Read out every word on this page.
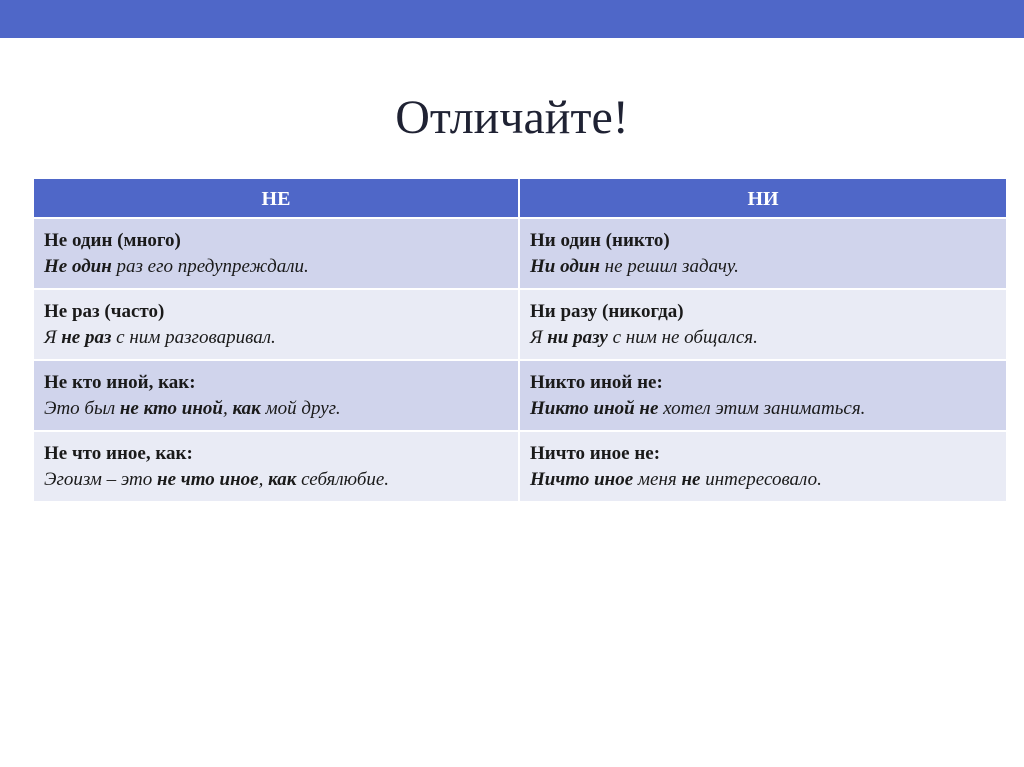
Отличайте!
НЕ	НИ
Не один (много)
Не один раз его предупреждали.
Ни один (никто)
Ни один не решил задачу.
Не раз (часто)
Я не раз с ним разговаривал.
Ни разу (никогда)
Я ни разу с ним не общался.
Не кто иной, как:
Это был не кто иной, как мой друг.
Никто иной не:
Никто иной не хотел этим заниматься.
Не что иное, как:
Эгоизм – это не что иное, как себялюбие.
Ничто иное не:
Ничто иное меня не интересовало.
